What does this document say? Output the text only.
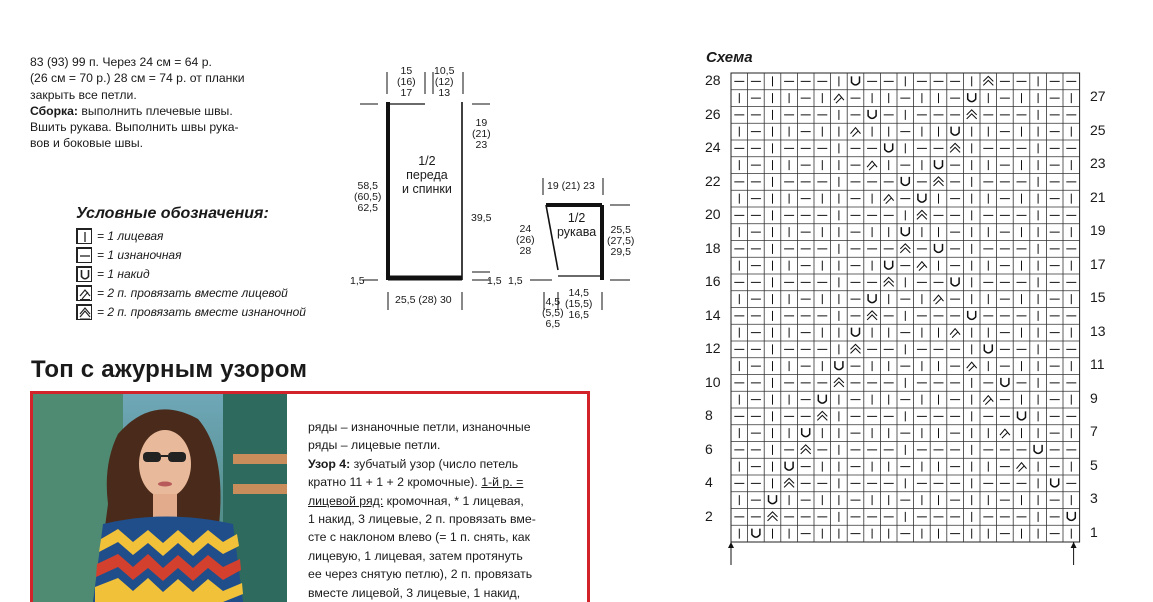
83 (93) 99 п. Через 24 см = 64 р.
(26 см = 70 р.) 28 см = 74 р. от планки
закрыть все петли.
Сборка: выполнить плечевые швы.
Вшить рукава. Выполнить швы рука-
вов и боковые швы.
Условные обозначения:
= 1 лицевая
= 1 изнаночная
= 1 накид
= 2 п. провязать вместе лицевой
= 2 п. провязать вместе изнаночной
15
(16)
17
10,5
(12)
13
19
(21)
23
58,5
(60,5)
62,5
39,5
1/2
переда
и спинки
25,5 (28) 30
1,5	1,5
19 (21) 23
24
(26)
28
1/2
рукава	25,5
(27,5)
29,5
1,5
4,5
(5,5)
6,5
14,5
(15,5)
16,5
Топ с ажурным узором
ряды – изнаночные петли, изнаночные
ряды – лицевые петли.
Узор 4: зубчатый узор (число петель
кратно 11 + 1 + 2 кромочные). 1-й р. =
лицевой ряд: кромочная, * 1 лицевая,
1 накид, 3 лицевые, 2 п. провязать вме-
сте с наклоном влево (= 1 п. снять, как
лицевую, 1 лицевая, затем протянуть
ее через снятую петлю), 2 п. провязать
вместе лицевой, 3 лицевые, 1 накид,
Схема
28
26
24
22
20
18
16
14
12
10
8
6
4
2
27
25
23
21
19
17
15
13
11
9
7
5
3
1
